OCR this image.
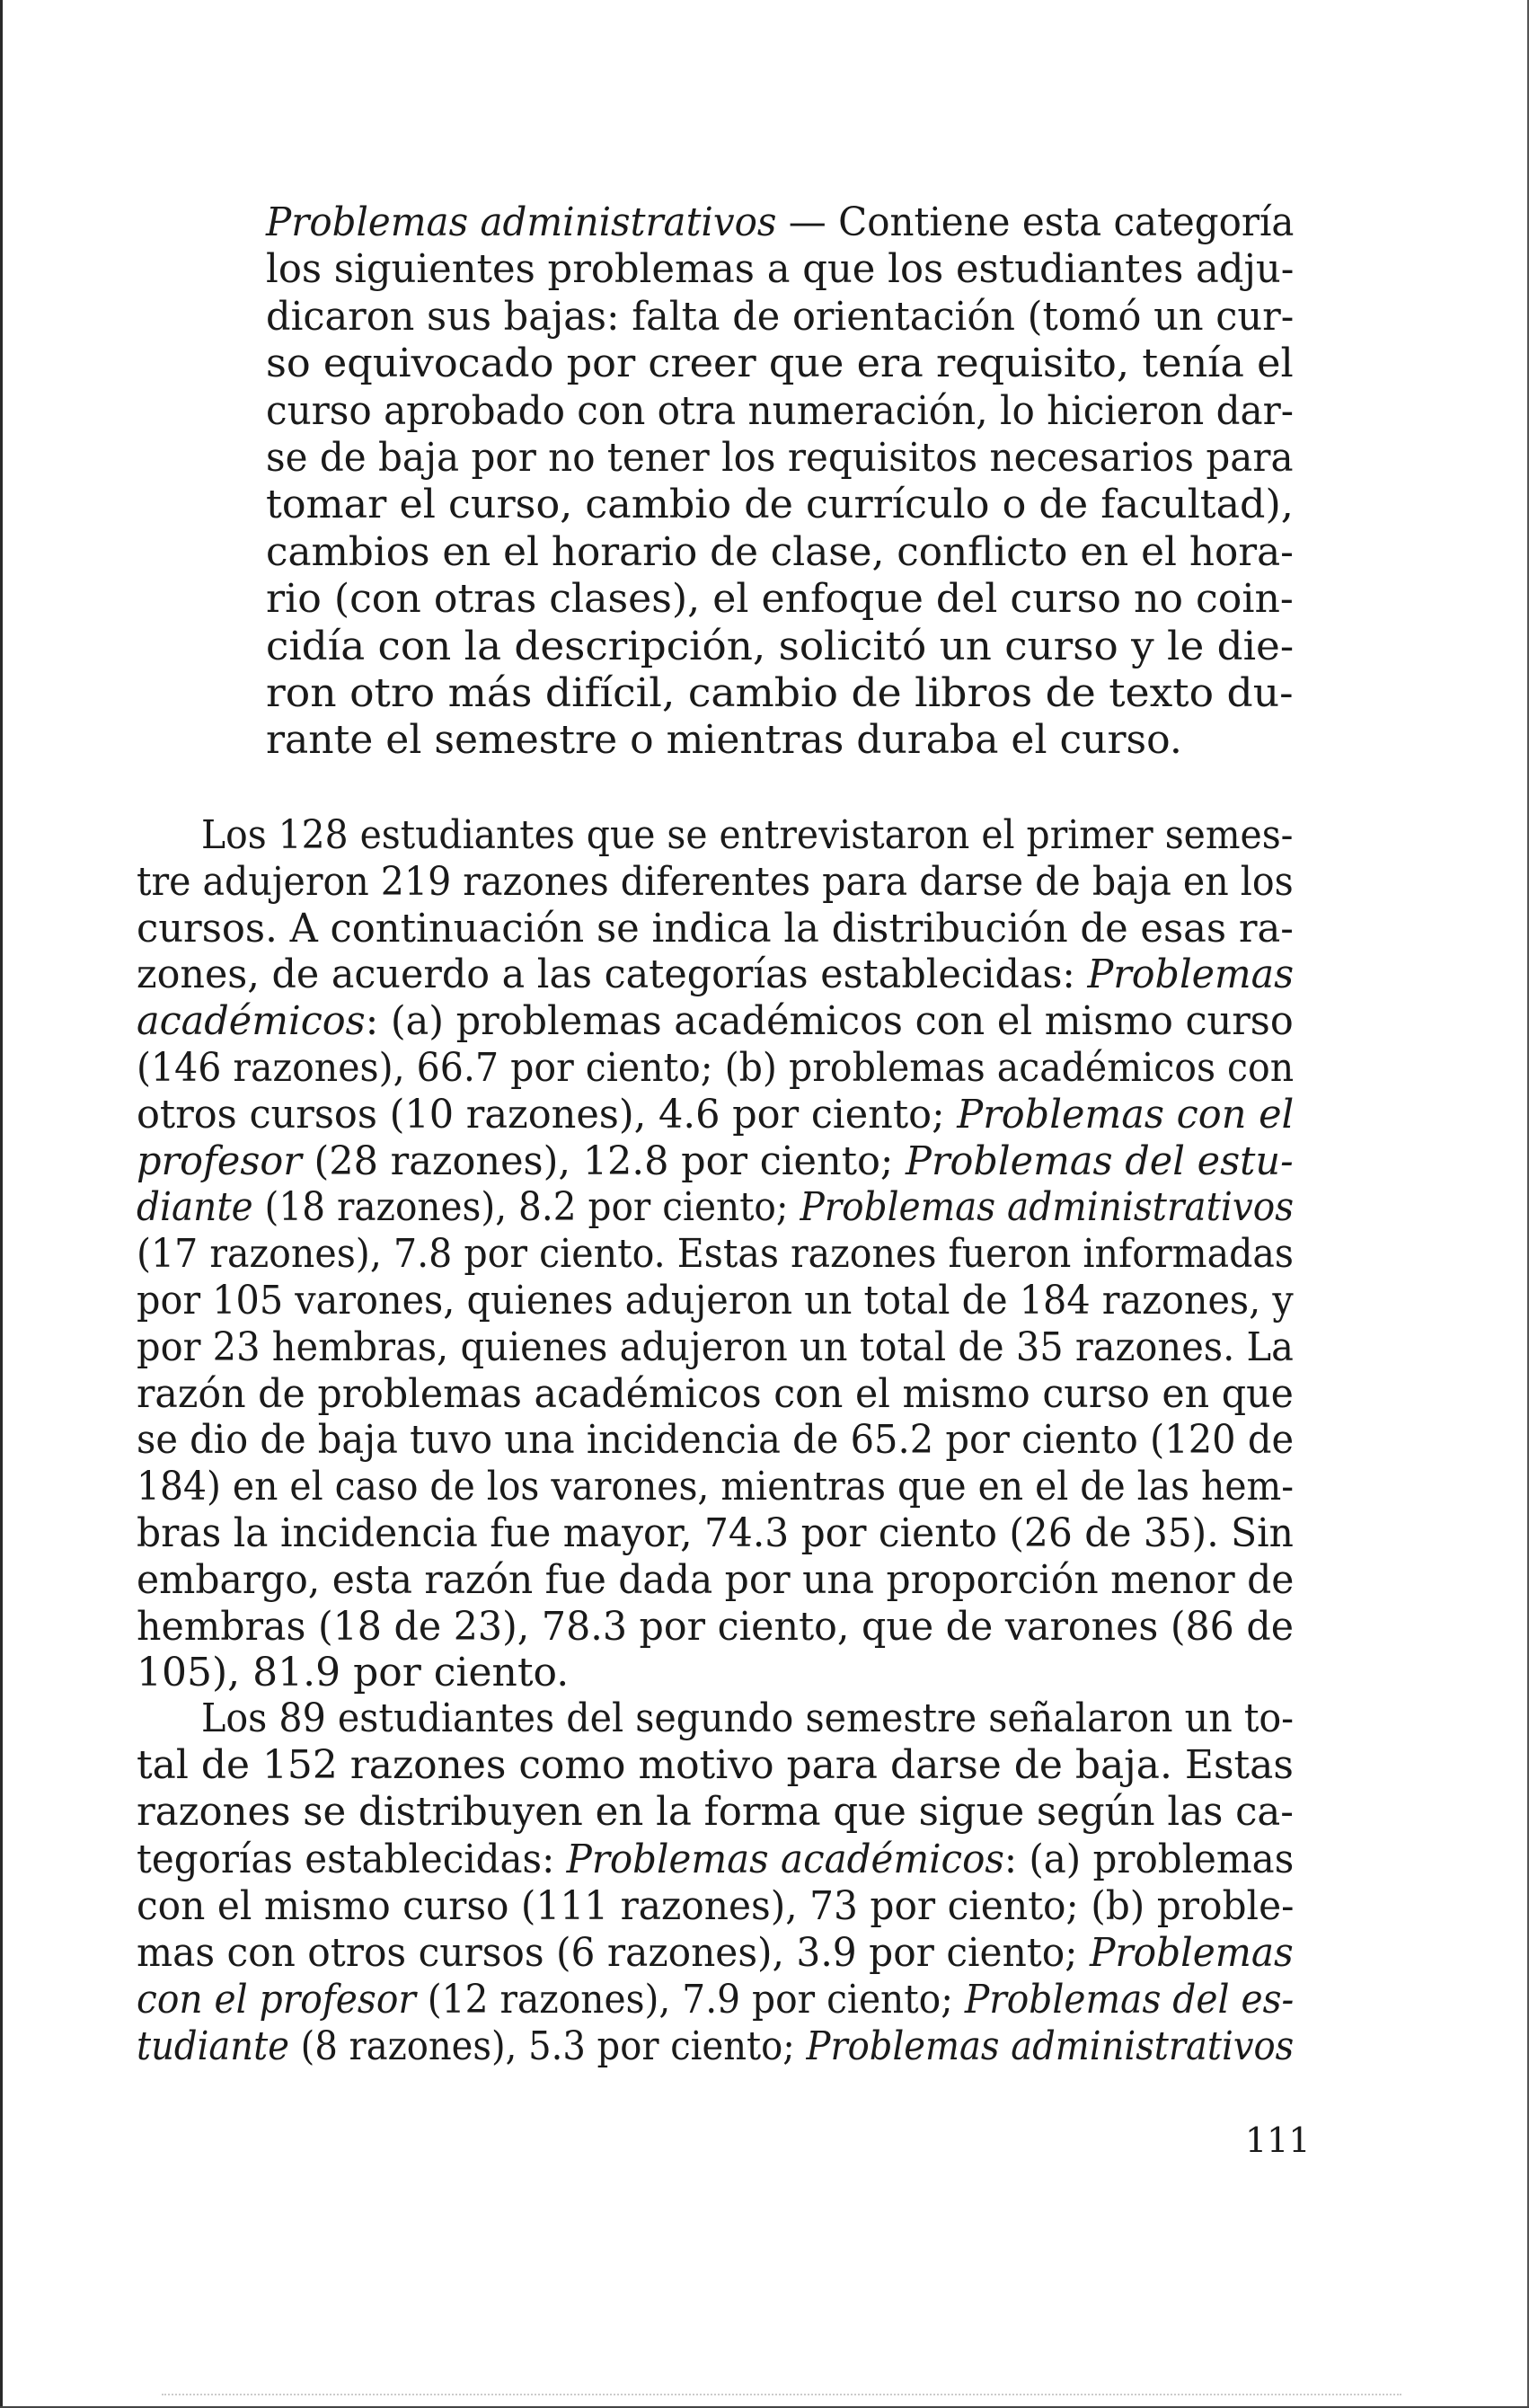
Problemas administrativos — Contiene esta categoría
los siguientes problemas a que los estudiantes adju-
dicaron sus bajas: falta de orientación (tomó un cur-
so equivocado por creer que era requisito, tenía el
curso aprobado con otra numeración, lo hicieron dar-
se de baja por no tener los requisitos necesarios para
tomar el curso, cambio de currículo o de facultad),
cambios en el horario de clase, conflicto en el hora-
rio (con otras clases), el enfoque del curso no coin-
cidía con la descripción, solicitó un curso y le die-
ron otro más difícil, cambio de libros de texto du-
rante el semestre o mientras duraba el curso.
Los 128 estudiantes que se entrevistaron el primer semes-
tre adujeron 219 razones diferentes para darse de baja en los
cursos. A continuación se indica la distribución de esas ra-
zones, de acuerdo a las categorías establecidas: Problemas
académicos: (a) problemas académicos con el mismo curso
(146 razones), 66.7 por ciento; (b) problemas académicos con
otros cursos (10 razones), 4.6 por ciento; Problemas con el
profesor (28 razones), 12.8 por ciento; Problemas del estu-
diante (18 razones), 8.2 por ciento; Problemas administrativos
(17 razones), 7.8 por ciento. Estas razones fueron informadas
por 105 varones, quienes adujeron un total de 184 razones, y
por 23 hembras, quienes adujeron un total de 35 razones. La
razón de problemas académicos con el mismo curso en que
se dio de baja tuvo una incidencia de 65.2 por ciento (120 de
184) en el caso de los varones, mientras que en el de las hem-
bras la incidencia fue mayor, 74.3 por ciento (26 de 35). Sin
embargo, esta razón fue dada por una proporción menor de
hembras (18 de 23), 78.3 por ciento, que de varones (86 de
105), 81.9 por ciento.
Los 89 estudiantes del segundo semestre señalaron un to-
tal de 152 razones como motivo para darse de baja. Estas
razones se distribuyen en la forma que sigue según las ca-
tegorías establecidas: Problemas académicos: (a) problemas
con el mismo curso (111 razones), 73 por ciento; (b) proble-
mas con otros cursos (6 razones), 3.9 por ciento; Problemas
con el profesor (12 razones), 7.9 por ciento; Problemas del es-
tudiante (8 razones), 5.3 por ciento; Problemas administrativos
111
